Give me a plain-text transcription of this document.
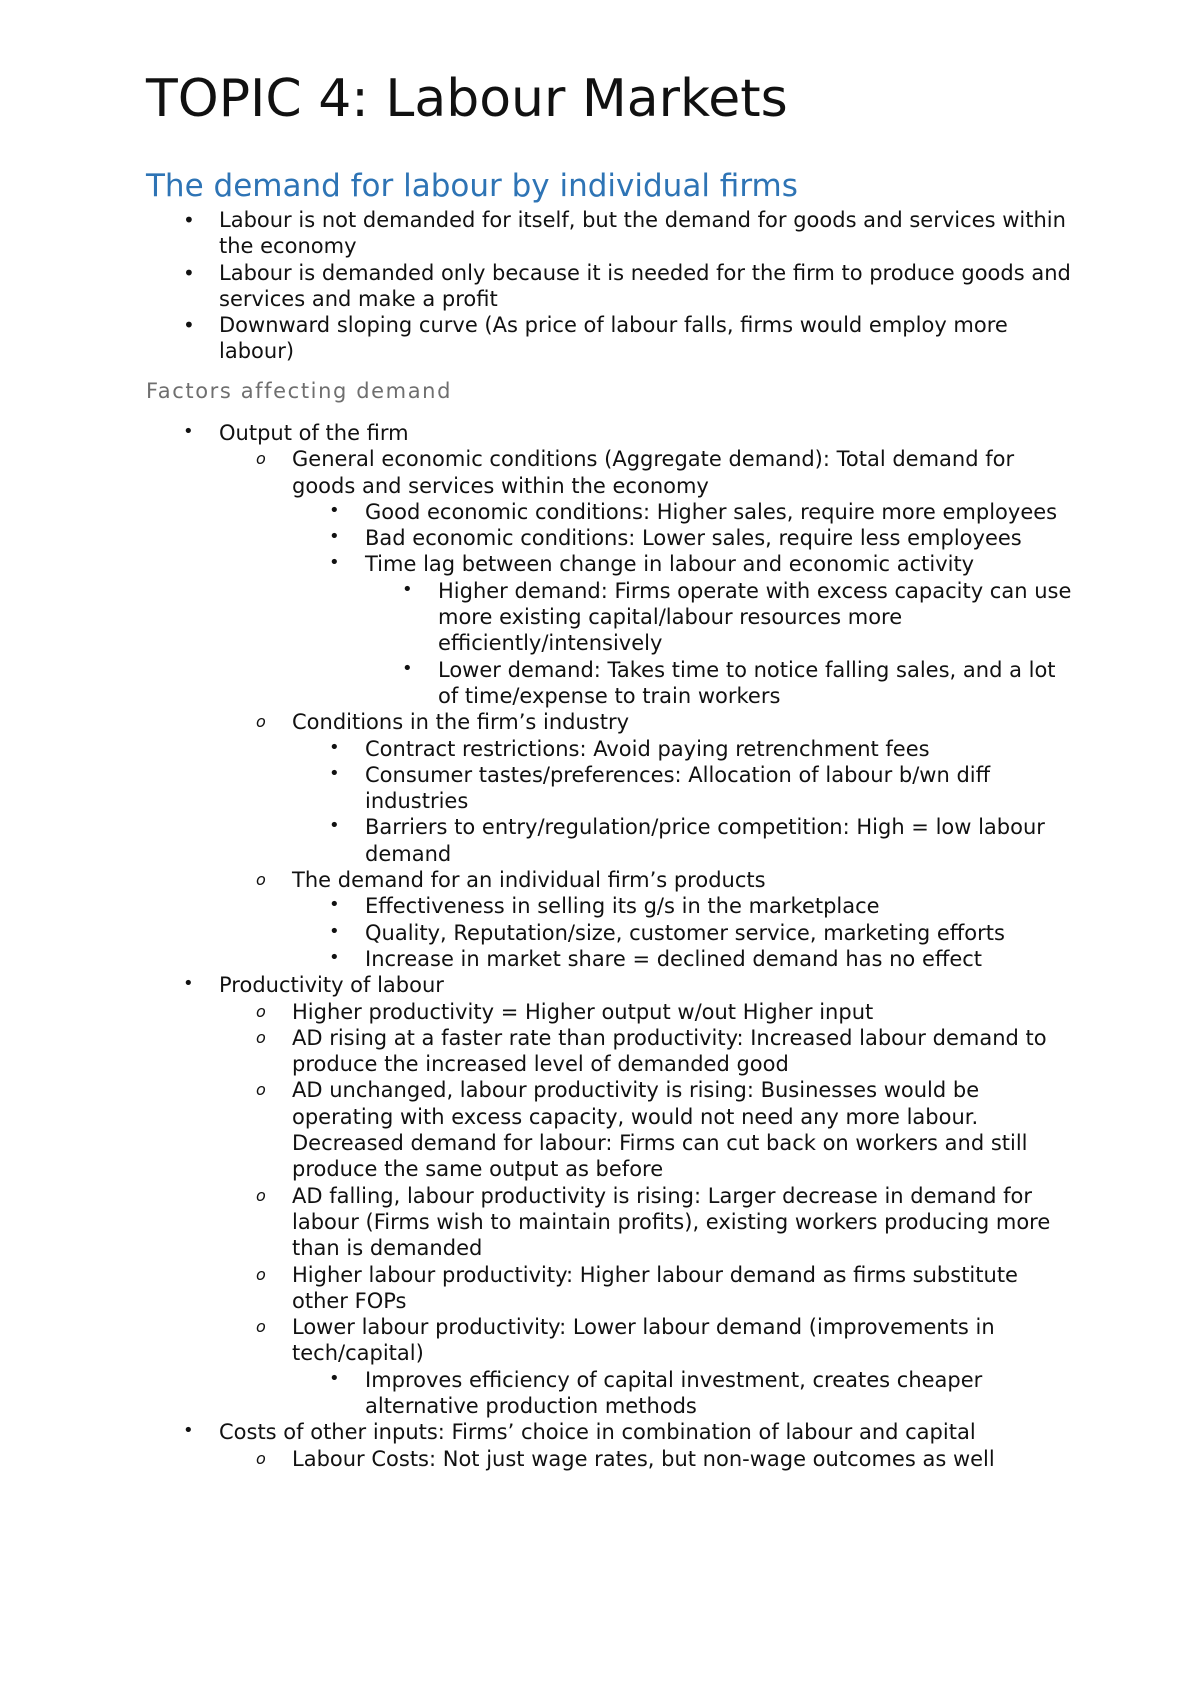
TOPIC 4: Labour Markets
The demand for labour by individual firms
• Labour is not demanded for itself, but the demand for goods and services within the economy
• Labour is demanded only because it is needed for the firm to produce goods and services and make a profit
• Downward sloping curve (As price of labour falls, firms would employ more labour)
Factors affecting demand
• Output of the firm
o General economic conditions (Aggregate demand): Total demand for goods and services within the economy
• Good economic conditions: Higher sales, require more employees
• Bad economic conditions: Lower sales, require less employees
• Time lag between change in labour and economic activity
• Higher demand: Firms operate with excess capacity can use more existing capital/labour resources more efficiently/intensively
• Lower demand: Takes time to notice falling sales, and a lot of time/expense to train workers
o Conditions in the firm’s industry
• Contract restrictions: Avoid paying retrenchment fees
• Consumer tastes/preferences: Allocation of labour b/wn diff industries
• Barriers to entry/regulation/price competition: High = low labour demand
o The demand for an individual firm’s products
• Effectiveness in selling its g/s in the marketplace
• Quality, Reputation/size, customer service, marketing efforts
• Increase in market share = declined demand has no effect
• Productivity of labour
o Higher productivity = Higher output w/out Higher input
o AD rising at a faster rate than productivity: Increased labour demand to produce the increased level of demanded good
o AD unchanged, labour productivity is rising: Businesses would be operating with excess capacity, would not need any more labour. Decreased demand for labour: Firms can cut back on workers and still produce the same output as before
o AD falling, labour productivity is rising: Larger decrease in demand for labour (Firms wish to maintain profits), existing workers producing more than is demanded
o Higher labour productivity: Higher labour demand as firms substitute other FOPs
o Lower labour productivity: Lower labour demand (improvements in tech/capital)
• Improves efficiency of capital investment, creates cheaper alternative production methods
• Costs of other inputs: Firms’ choice in combination of labour and capital
o Labour Costs: Not just wage rates, but non-wage outcomes as well
